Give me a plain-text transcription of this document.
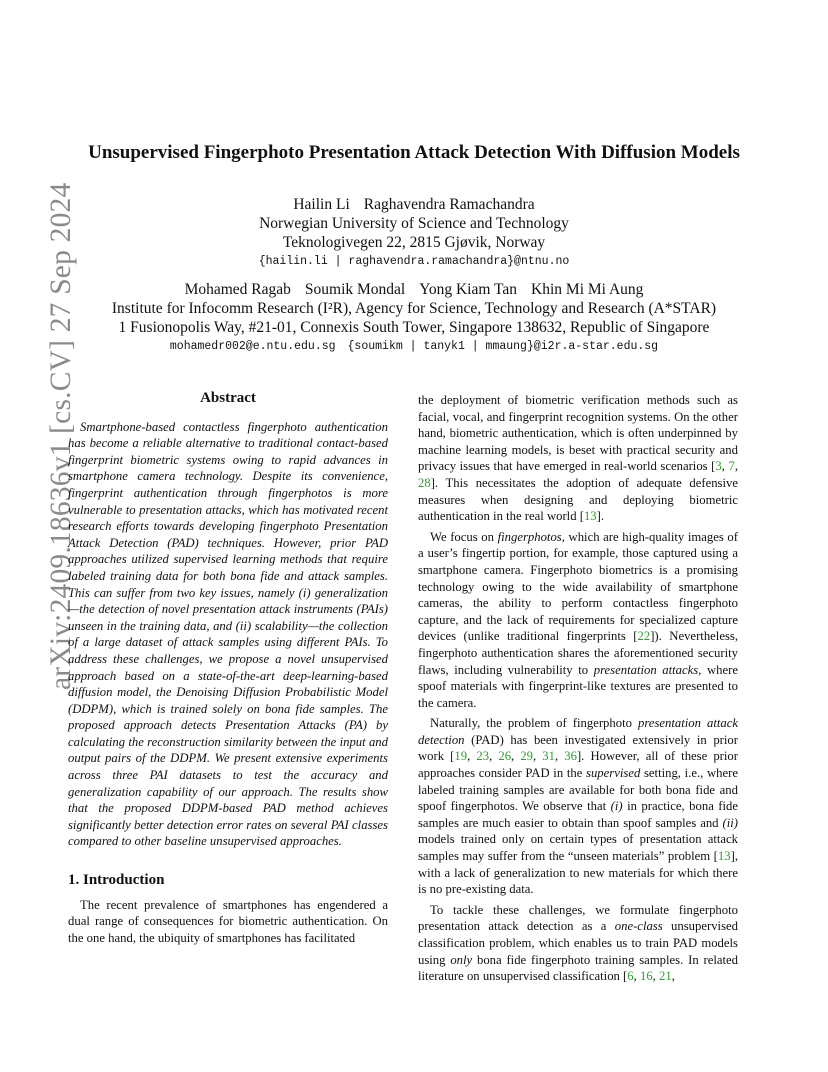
arXiv:2409.18636v1 [cs.CV] 27 Sep 2024
Unsupervised Fingerphoto Presentation Attack Detection With Diffusion Models
Hailin Li Raghavendra Ramachandra
Norwegian University of Science and Technology
Teknologivegen 22, 2815 Gjøvik, Norway
{hailin.li | raghavendra.ramachandra}@ntnu.no
Mohamed Ragab Soumik Mondal Yong Kiam Tan Khin Mi Mi Aung
Institute for Infocomm Research (I²R), Agency for Science, Technology and Research (A*STAR)
1 Fusionopolis Way, #21-01, Connexis South Tower, Singapore 138632, Republic of Singapore
mohamedr002@e.ntu.edu.sg {soumikm | tanyk1 | mmaung}@i2r.a-star.edu.sg

Abstract

Smartphone-based contactless fingerphoto authentication has become a reliable alternative to traditional contact-based fingerprint biometric systems owing to rapid advances in smartphone camera technology. Despite its convenience, fingerprint authentication through fingerphotos is more vulnerable to presentation attacks, which has motivated recent research efforts towards developing fingerphoto Presentation Attack Detection (PAD) techniques. However, prior PAD approaches utilized supervised learning methods that require labeled training data for both bona fide and attack samples. This can suffer from two key issues, namely (i) generalization—the detection of novel presentation attack instruments (PAIs) unseen in the training data, and (ii) scalability—the collection of a large dataset of attack samples using different PAIs. To address these challenges, we propose a novel unsupervised approach based on a state-of-the-art deep-learning-based diffusion model, the Denoising Diffusion Probabilistic Model (DDPM), which is trained solely on bona fide samples. The proposed approach detects Presentation Attacks (PA) by calculating the reconstruction similarity between the input and output pairs of the DDPM. We present extensive experiments across three PAI datasets to test the accuracy and generalization capability of our approach. The results show that the proposed DDPM-based PAD method achieves significantly better detection error rates on several PAI classes compared to other baseline unsupervised approaches.

1. Introduction

The recent prevalence of smartphones has engendered a dual range of consequences for biometric authentication. On the one hand, the ubiquity of smartphones has facilitated

the deployment of biometric verification methods such as facial, vocal, and fingerprint recognition systems. On the other hand, biometric authentication, which is often underpinned by machine learning models, is beset with practical security and privacy issues that have emerged in real-world scenarios [3, 7, 28]. This necessitates the adoption of adequate defensive measures when designing and deploying biometric authentication in the real world [13].

We focus on fingerphotos, which are high-quality images of a user’s fingertip portion, for example, those captured using a smartphone camera. Fingerphoto biometrics is a promising technology owing to the wide availability of smartphone cameras, the ability to perform contactless fingerphoto capture, and the lack of requirements for specialized capture devices (unlike traditional fingerprints [22]). Nevertheless, fingerphoto authentication shares the aforementioned security flaws, including vulnerability to presentation attacks, where spoof materials with fingerprint-like textures are presented to the camera.

Naturally, the problem of fingerphoto presentation attack detection (PAD) has been investigated extensively in prior work [19, 23, 26, 29, 31, 36]. However, all of these prior approaches consider PAD in the supervised setting, i.e., where labeled training samples are available for both bona fide and spoof fingerphotos. We observe that (i) in practice, bona fide samples are much easier to obtain than spoof samples and (ii) models trained only on certain types of presentation attack samples may suffer from the “unseen materials” problem [13], with a lack of generalization to new materials for which there is no pre-existing data.

To tackle these challenges, we formulate fingerphoto presentation attack detection as a one-class unsupervised classification problem, which enables us to train PAD models using only bona fide fingerphoto training samples. In related literature on unsupervised classification [6, 16, 21,
